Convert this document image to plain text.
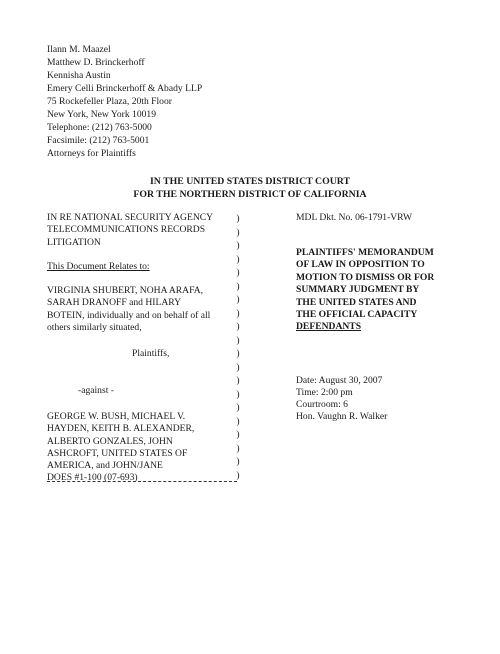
Ilann M. Maazel
Matthew D. Brinckerhoff
Kennisha Austin
Emery Celli Brinckerhoff & Abady LLP
75 Rockefeller Plaza, 20th Floor
New York, New York 10019
Telephone: (212) 763-5000
Facsimile: (212) 763-5001
Attorneys for Plaintiffs
IN THE UNITED STATES DISTRICT COURT
FOR THE NORTHERN DISTRICT OF CALIFORNIA
IN RE NATIONAL SECURITY AGENCY
TELECOMMUNICATIONS RECORDS
LITIGATION
This Document Relates to:
VIRGINIA SHUBERT, NOHA ARAFA,
SARAH DRANOFF and HILARY
BOTEIN, individually and on behalf of all
others similarly situated,
Plaintiffs,
-against -
GEORGE W. BUSH, MICHAEL V.
HAYDEN, KEITH B. ALEXANDER,
ALBERTO GONZALES, JOHN
ASHCROFT, UNITED STATES OF
AMERICA, and JOHN/JANE
DOES #1-100 (07-693)
)
)
)
)
)
)
)
)
)
)
)
)
)
)
)
)
)
)
)
)
MDL Dkt. No. 06-1791-VRW
PLAINTIFFS' MEMORANDUM
OF LAW IN OPPOSITION TO
MOTION TO DISMISS OR FOR
SUMMARY JUDGMENT BY
THE UNITED STATES AND
THE OFFICIAL CAPACITY
DEFENDANTS
Date: August 30, 2007
Time: 2:00 pm
Courtroom: 6
Hon. Vaughn R. Walker
